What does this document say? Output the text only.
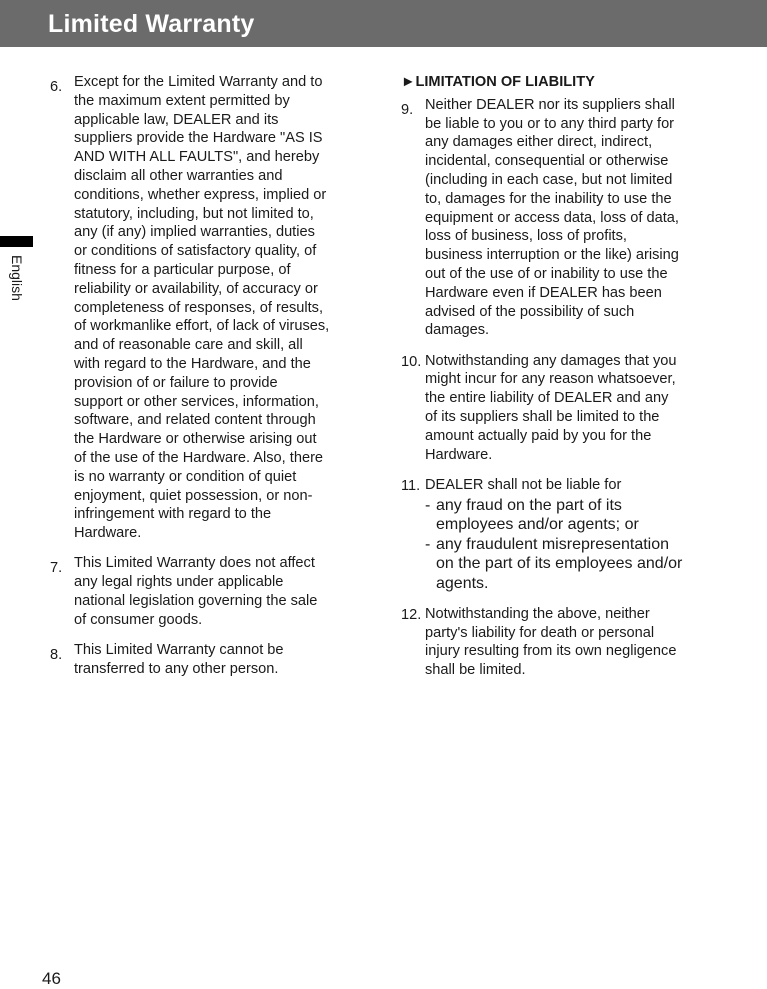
Limited Warranty
English
6. Except for the Limited Warranty and to
the maximum extent permitted by
applicable law, DEALER and its
suppliers provide the Hardware "AS IS
AND WITH ALL FAULTS", and hereby
disclaim all other warranties and
conditions, whether express, implied or
statutory, including, but not limited to,
any (if any) implied warranties, duties
or conditions of satisfactory quality, of
fitness for a particular purpose, of
reliability or availability, of accuracy or
completeness of responses, of results,
of workmanlike effort, of lack of viruses,
and of reasonable care and skill, all
with regard to the Hardware, and the
provision of or failure to provide
support or other services, information,
software, and related content through
the Hardware or otherwise arising out
of the use of the Hardware. Also, there
is no warranty or condition of quiet
enjoyment, quiet possession, or non-
infringement with regard to the
Hardware.
7. This Limited Warranty does not affect
any legal rights under applicable
national legislation governing the sale
of consumer goods.
8. This Limited Warranty cannot be
transferred to any other person.
►LIMITATION OF LIABILITY
9. Neither DEALER nor its suppliers shall
be liable to you or to any third party for
any damages either direct, indirect,
incidental, consequential or otherwise
(including in each case, but not limited
to, damages for the inability to use the
equipment or access data, loss of data,
loss of business, loss of profits,
business interruption or the like) arising
out of the use of or inability to use the
Hardware even if DEALER has been
advised of the possibility of such
damages.
10. Notwithstanding any damages that you
might incur for any reason whatsoever,
the entire liability of DEALER and any
of its suppliers shall be limited to the
amount actually paid by you for the
Hardware.
11. DEALER shall not be liable for
- any fraud on the part of its
employees and/or agents; or
- any fraudulent misrepresentation
on the part of its employees and/or
agents.
12. Notwithstanding the above, neither
party's liability for death or personal
injury resulting from its own negligence
shall be limited.
46
